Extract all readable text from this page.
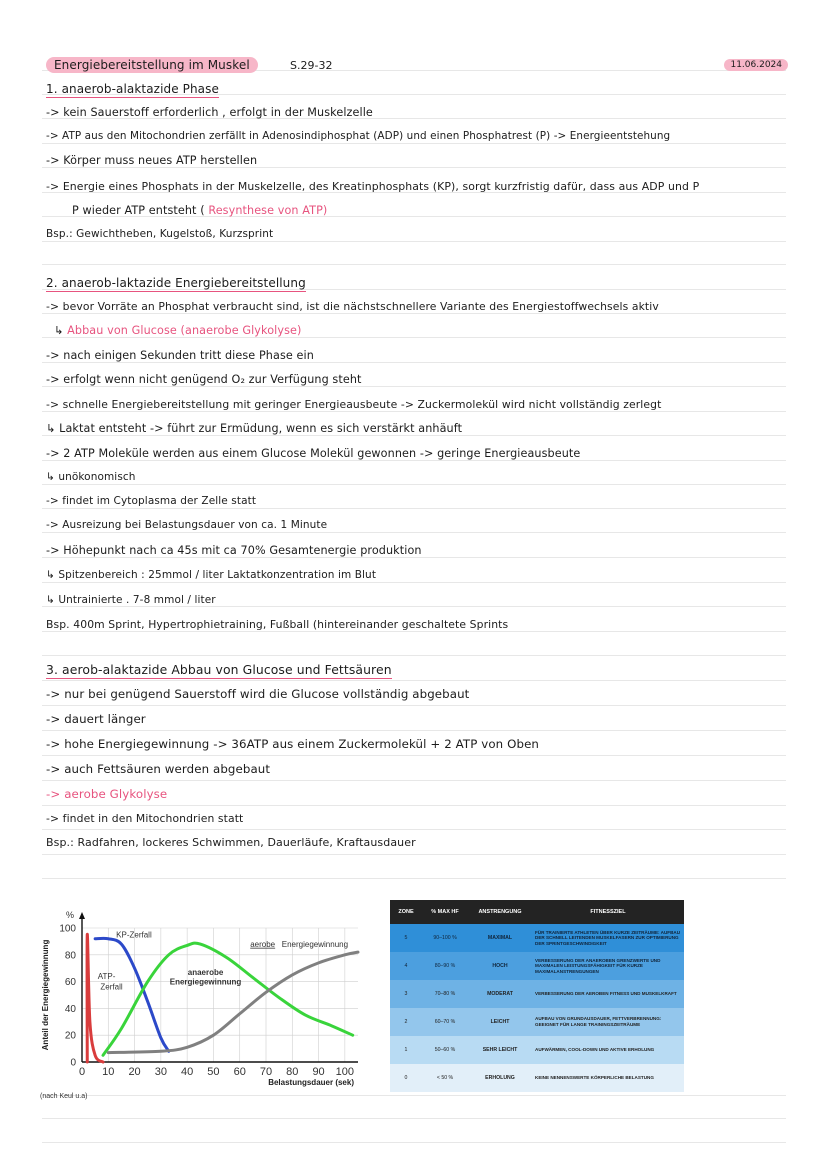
Energiebereitstellung im Muskel	S.29-32	11.06.2024
1. anaerob-alaktazide Phase
-> kein Sauerstoff erforderlich , erfolgt in der Muskelzelle
-> ATP aus den Mitochondrien zerfällt in Adenosindiphosphat (ADP) und einen Phosphatrest (P) -> Energieentstehung
-> Körper muss neues ATP herstellen
-> Energie eines Phosphats in der Muskelzelle, des Kreatinphosphats (KP), sorgt kurzfristig dafür, dass aus ADP und P
P wieder ATP entsteht ( Resynthese von ATP)
Bsp.: Gewichtheben, Kugelstoß, Kurzsprint
2. anaerob-laktazide Energiebereitstellung
-> bevor Vorräte an Phosphat verbraucht sind, ist die nächstschnellere Variante des Energiestoffwechsels aktiv
↳ Abbau von Glucose (anaerobe Glykolyse)
-> nach einigen Sekunden tritt diese Phase ein
-> erfolgt wenn nicht genügend O₂ zur Verfügung steht
-> schnelle Energiebereitstellung mit geringer Energieausbeute -> Zuckermolekül wird nicht vollständig zerlegt
↳ Laktat entsteht -> führt zur Ermüdung, wenn es sich verstärkt anhäuft
-> 2 ATP Moleküle werden aus einem Glucose Molekül gewonnen -> geringe Energieausbeute
↳ unökonomisch
-> findet im Cytoplasma der Zelle statt
-> Ausreizung bei Belastungsdauer von ca. 1 Minute
-> Höhepunkt nach ca 45s mit ca 70% Gesamtenergie produktion
↳ Spitzenbereich : 25mmol / liter Laktatkonzentration im Blut
↳ Untrainierte . 7-8 mmol / liter
Bsp. 400m Sprint, Hypertrophietraining, Fußball (hintereinander geschaltete Sprints
3. aerob-alaktazide Abbau von Glucose und Fettsäuren
-> nur bei genügend Sauerstoff wird die Glucose vollständig abgebaut
-> dauert länger
-> hohe Energiegewinnung -> 36ATP aus einem Zuckermolekül + 2 ATP von Oben
-> auch Fettsäuren werden abgebaut
-> aerobe Glykolyse
-> findet in den Mitochondrien statt
Bsp.: Radfahren, lockeres Schwimmen, Dauerläufe, Kraftausdauer
0
20
40
60
80
100
0 10 20 30 40 50 60 70 80 90 100
%
Belastungsdauer (sek)
Anteil der Energiegewinnung
KP-Zerfall
ATP-
Zerfall
anaerobe
Energiegewinnung
aerobe Energiegewinnung
(nach Keul u.a)
ZONE	% MAX HF	ANSTRENGUNG	FITNESSZIEL
5	90–100 %	MAXIMAL	FÜR TRAINIERTE ATHLETEN ÜBER KURZE ZEITRÄUME: AUFBAU DER SCHNELL LEITENDEN MUSKELFASERN ZUR OPTIMIERUNG DER SPRINTGESCHWINDIGKEIT
4	80–90 %	HOCH	VERBESSERUNG DER ANAEROBEN GRENZWERTE UND MAXIMALEN LEISTUNGSFÄHIGKEIT FÜR KURZE MAXIMALANSTRENGUNGEN
3	70–80 %	MODERAT	VERBESSERUNG DER AEROBEN FITNESS UND MUSKELKRAFT
2	60–70 %	LEICHT	AUFBAU VON GRUNDAUSDAUER, FETTVERBRENNUNG: GEEIGNET FÜR LANGE TRAININGSZEITRÄUME
1	50–60 %	SEHR LEICHT	AUFWÄRMEN, COOL-DOWN UND AKTIVE ERHOLUNG
0	< 50 %	ERHOLUNG	KEINE NENNENSWERTE KÖRPERLICHE BELASTUNG
